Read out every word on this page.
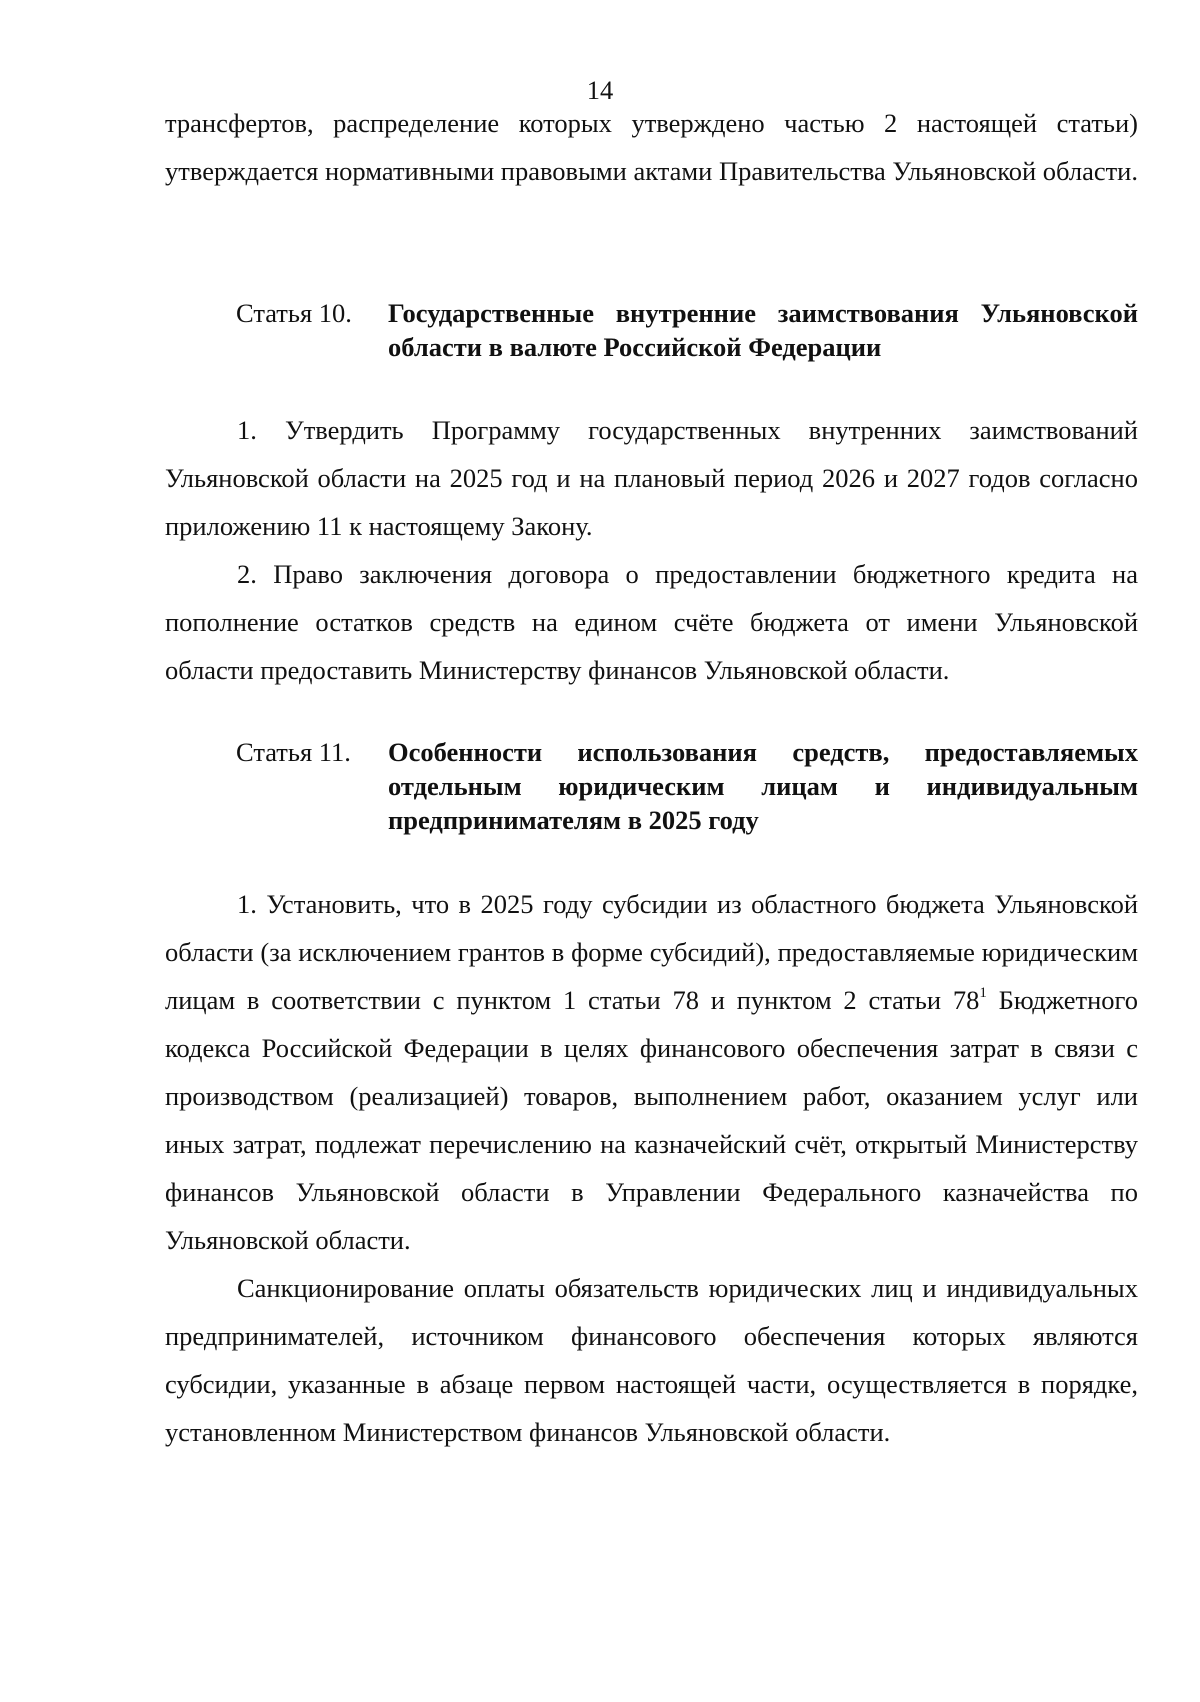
14

трансфертов, распределение которых утверждено частью 2 настоящей статьи) утверждается нормативными правовыми актами Правительства Ульяновской области.

Статья 10.	Государственные внутренние заимствования Ульяновской области в валюте Российской Федерации

1. Утвердить Программу государственных внутренних заимствований Ульяновской области на 2025 год и на плановый период 2026 и 2027 годов согласно приложению 11 к настоящему Закону.

2. Право заключения договора о предоставлении бюджетного кредита на пополнение остатков средств на едином счёте бюджета от имени Ульяновской области предоставить Министерству финансов Ульяновской области.

Статья 11.	Особенности использования средств, предоставляемых отдельным юридическим лицам и индивидуальным предпринимателям в 2025 году

1. Установить, что в 2025 году субсидии из областного бюджета Ульяновской области (за исключением грантов в форме субсидий), предоставляемые юридическим лицам в соответствии с пунктом 1 статьи 78 и пунктом 2 статьи $78^1$ Бюджетного кодекса Российской Федерации в целях финансового обеспечения затрат в связи с производством (реализацией) товаров, выполнением работ, оказанием услуг или иных затрат, подлежат перечислению на казначейский счёт, открытый Министерству финансов Ульяновской области в Управлении Федерального казначейства по Ульяновской области.

Санкционирование оплаты обязательств юридических лиц и индивидуальных предпринимателей, источником финансового обеспечения которых являются субсидии, указанные в абзаце первом настоящей части, осуществляется в порядке, установленном Министерством финансов Ульяновской области.
